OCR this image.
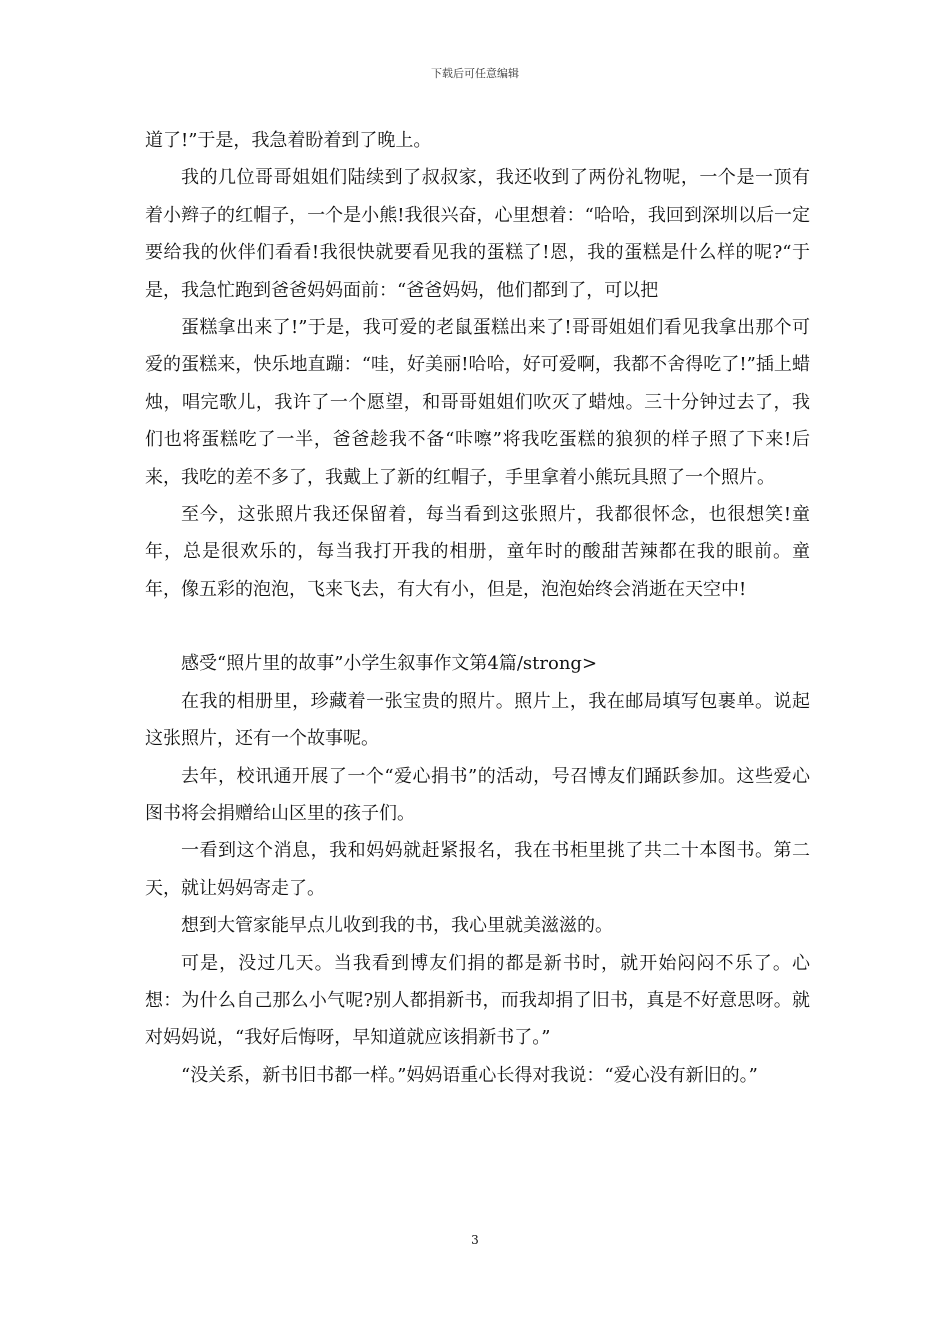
下载后可任意编辑

道了!”于是，我急着盼着到了晚上。

我的几位哥哥姐姐们陆续到了叔叔家，我还收到了两份礼物呢，一个是一顶有着小辫子的红帽子，一个是小熊!我很兴奋，心里想着：“哈哈，我回到深圳以后一定要给我的伙伴们看看!我很快就要看见我的蛋糕了!恩，我的蛋糕是什么样的呢?“于是，我急忙跑到爸爸妈妈面前：“爸爸妈妈，他们都到了，可以把

蛋糕拿出来了!”于是，我可爱的老鼠蛋糕出来了!哥哥姐姐们看见我拿出那个可爱的蛋糕来，快乐地直蹦：“哇，好美丽!哈哈，好可爱啊，我都不舍得吃了!”插上蜡烛，唱完歌儿，我许了一个愿望，和哥哥姐姐们吹灭了蜡烛。三十分钟过去了，我们也将蛋糕吃了一半，爸爸趁我不备“咔嚓”将我吃蛋糕的狼狈的样子照了下来!后来，我吃的差不多了，我戴上了新的红帽子，手里拿着小熊玩具照了一个照片。

至今，这张照片我还保留着，每当看到这张照片，我都很怀念，也很想笑!童年，总是很欢乐的，每当我打开我的相册，童年时的酸甜苦辣都在我的眼前。童年，像五彩的泡泡，飞来飞去，有大有小，但是，泡泡始终会消逝在天空中!

感受“照片里的故事”小学生叙事作文第4篇/strong>

在我的相册里，珍藏着一张宝贵的照片。照片上，我在邮局填写包裹单。说起这张照片，还有一个故事呢。

去年，校讯通开展了一个“爱心捐书”的活动，号召博友们踊跃参加。这些爱心图书将会捐赠给山区里的孩子们。

一看到这个消息，我和妈妈就赶紧报名，我在书柜里挑了共二十本图书。第二天，就让妈妈寄走了。

想到大管家能早点儿收到我的书，我心里就美滋滋的。

可是，没过几天。当我看到博友们捐的都是新书时，就开始闷闷不乐了。心想：为什么自己那么小气呢?别人都捐新书，而我却捐了旧书，真是不好意思呀。就对妈妈说，“我好后悔呀，早知道就应该捐新书了。”

“没关系，新书旧书都一样。”妈妈语重心长得对我说：“爱心没有新旧的。”

3
